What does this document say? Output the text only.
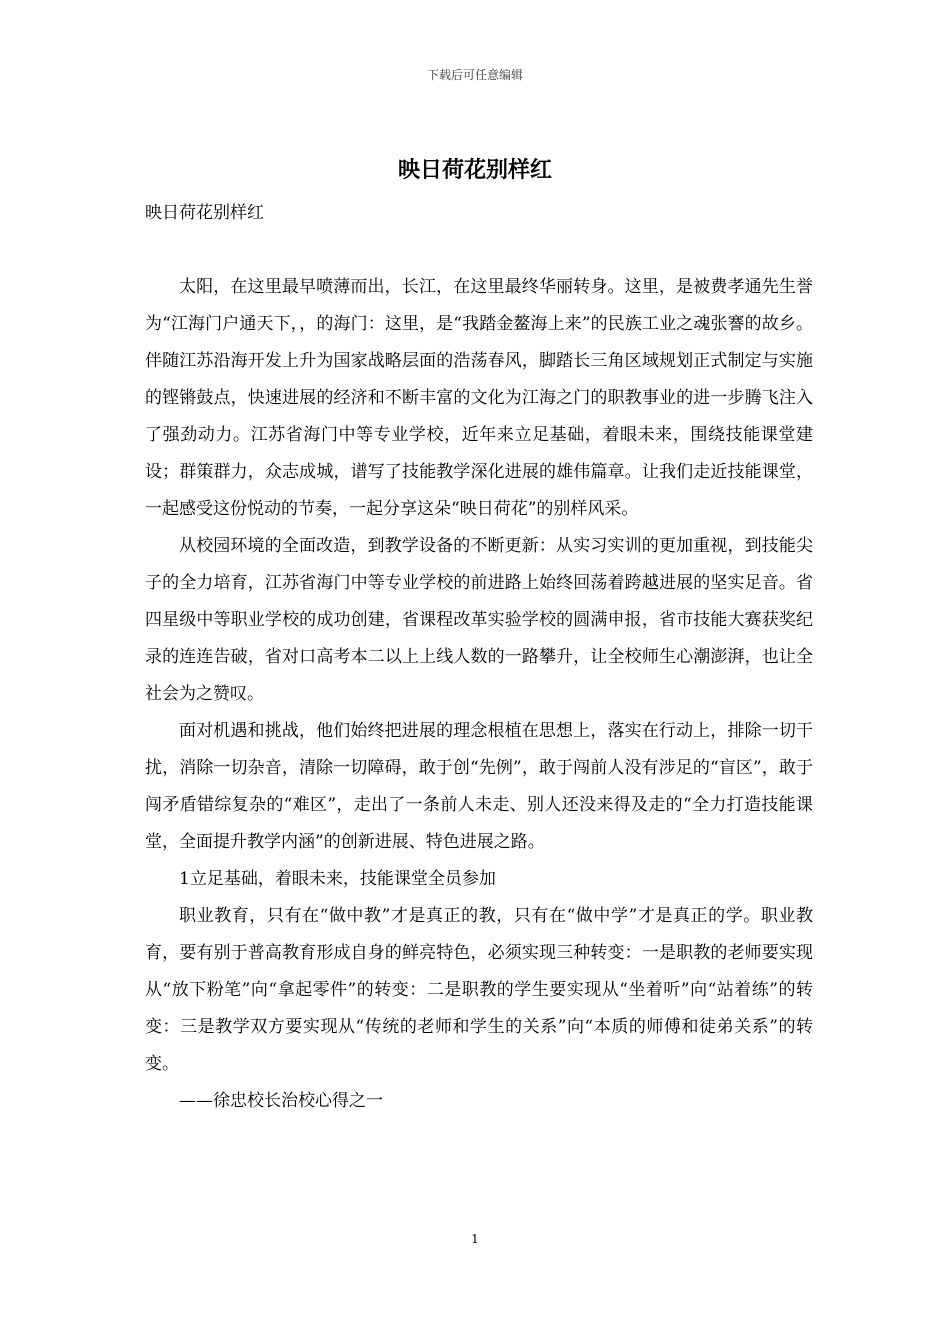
下载后可任意编辑

映日荷花别样红

映日荷花别样红

太阳，在这里最早喷薄而出，长江，在这里最终华丽转身。这里，是被费孝通先生誉为“江海门户通天下，，的海门：这里，是“我踏金鳌海上来”的民族工业之魂张謇的故乡。伴随江苏沿海开发上升为国家战略层面的浩荡春风，脚踏长三角区域规划正式制定与实施的铿锵鼓点，快速进展的经济和不断丰富的文化为江海之门的职教事业的进一步腾飞注入了强劲动力。江苏省海门中等专业学校，近年来立足基础，着眼未来，围绕技能课堂建设；群策群力，众志成城，谱写了技能教学深化进展的雄伟篇章。让我们走近技能课堂，一起感受这份悦动的节奏，一起分享这朵“映日荷花”的别样风采。

从校园环境的全面改造，到教学设备的不断更新：从实习实训的更加重视，到技能尖子的全力培育，江苏省海门中等专业学校的前进路上始终回荡着跨越进展的坚实足音。省四星级中等职业学校的成功创建，省课程改革实验学校的圆满申报，省市技能大赛获奖纪录的连连告破，省对口高考本二以上上线人数的一路攀升，让全校师生心潮澎湃，也让全社会为之赞叹。

面对机遇和挑战，他们始终把进展的理念根植在思想上，落实在行动上，排除一切干扰，消除一切杂音，清除一切障碍，敢于创“先例”，敢于闯前人没有涉足的“盲区”，敢于闯矛盾错综复杂的“难区”，走出了一条前人未走、别人还没来得及走的“全力打造技能课堂，全面提升教学内涵”的创新进展、特色进展之路。

1立足基础，着眼未来，技能课堂全员参加

职业教育，只有在“做中教”才是真正的教，只有在“做中学”才是真正的学。职业教育，要有别于普高教育形成自身的鲜亮特色，必须实现三种转变：一是职教的老师要实现从“放下粉笔”向“拿起零件”的转变：二是职教的学生要实现从“坐着听”向“站着练”的转变：三是教学双方要实现从“传统的老师和学生的关系”向“本质的师傅和徒弟关系”的转变。

——徐忠校长治校心得之一

1
